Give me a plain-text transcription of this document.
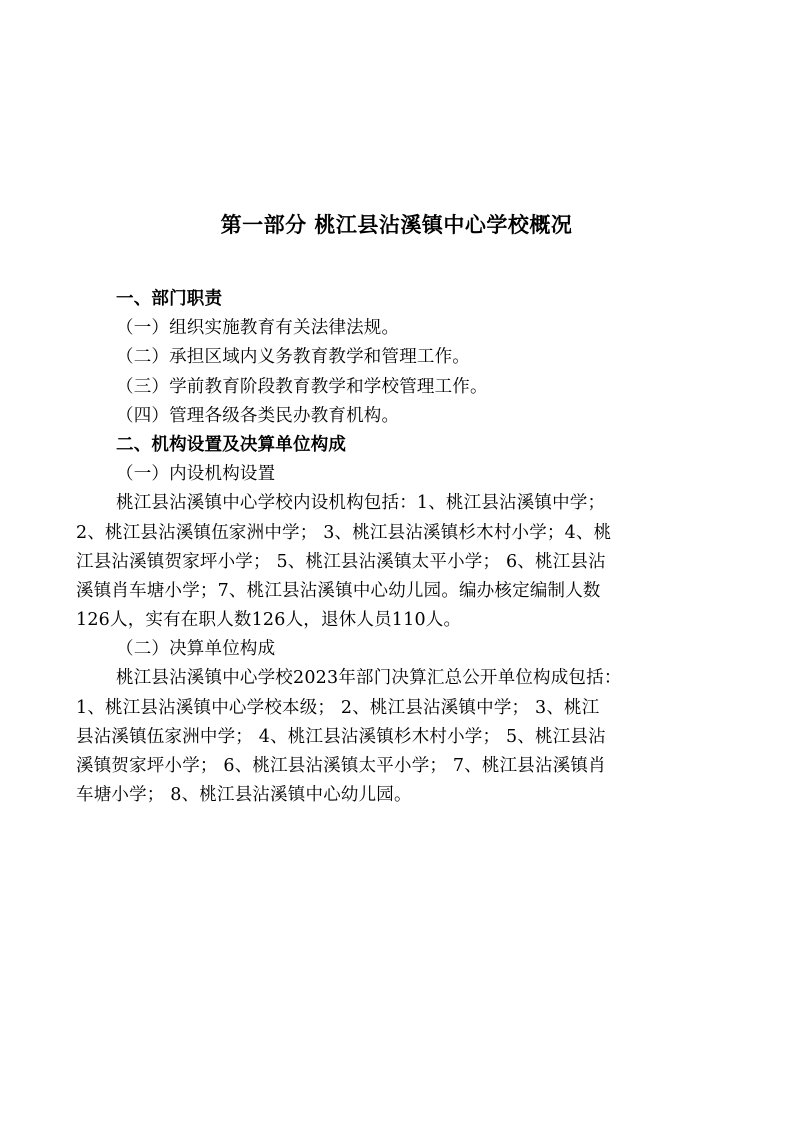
第一部分 桃江县沾溪镇中心学校概况
一、部门职责
（一）组织实施教育有关法律法规。
（二）承担区域内义务教育教学和管理工作。
（三）学前教育阶段教育教学和学校管理工作。
（四）管理各级各类民办教育机构。
二、机构设置及决算单位构成
（一）内设机构设置
桃江县沾溪镇中心学校内设机构包括：1、桃江县沾溪镇中学；
2、桃江县沾溪镇伍家洲中学； 3、桃江县沾溪镇杉木村小学；4、桃
江县沾溪镇贺家坪小学； 5、桃江县沾溪镇太平小学； 6、桃江县沾
溪镇肖车塘小学；7、桃江县沾溪镇中心幼儿园。编办核定编制人数
126人，实有在职人数126人，退休人员110人。
（二）决算单位构成
桃江县沾溪镇中心学校2023年部门决算汇总公开单位构成包括：
1、桃江县沾溪镇中心学校本级； 2、桃江县沾溪镇中学； 3、桃江
县沾溪镇伍家洲中学； 4、桃江县沾溪镇杉木村小学； 5、桃江县沾
溪镇贺家坪小学； 6、桃江县沾溪镇太平小学； 7、桃江县沾溪镇肖
车塘小学； 8、桃江县沾溪镇中心幼儿园。
